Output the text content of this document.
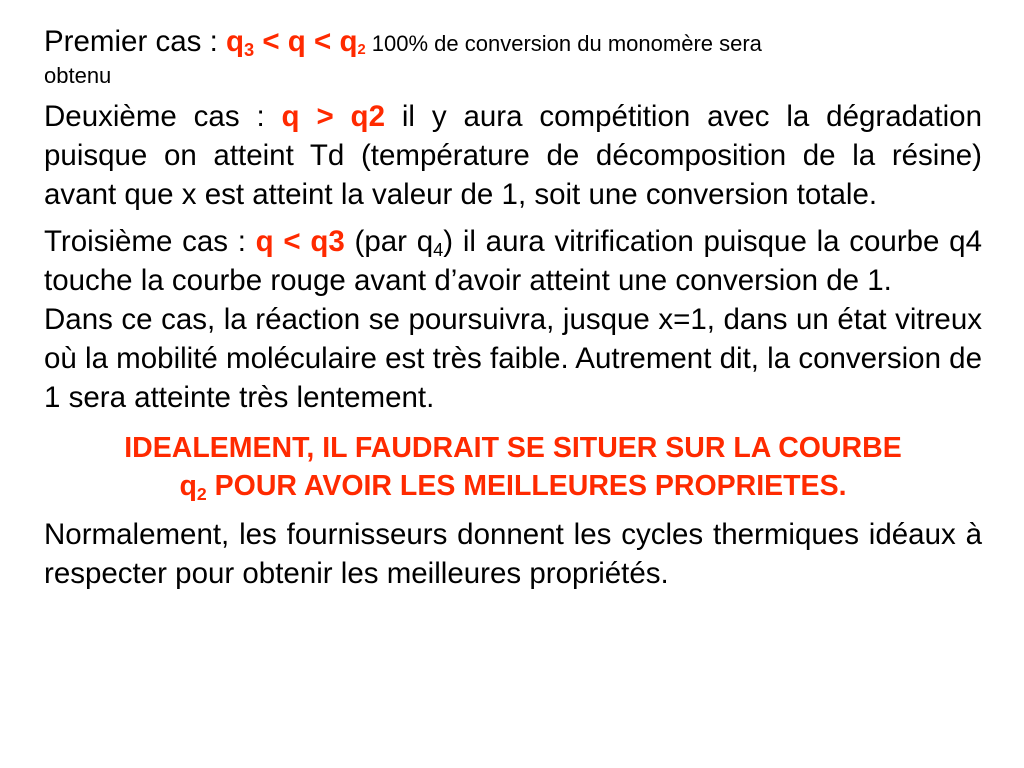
Premier cas : $q_3 < q < q2$ 100% de conversion du monomère sera
obtenu

Deuxième cas : q > q2 il y aura compétition avec la dégradation puisque on atteint Td (température de décomposition de la résine) avant que x est atteint la valeur de 1, soit une conversion totale.

Troisième cas : q < q3 (par $q_4$) il aura vitrification puisque la courbe q4 touche la courbe rouge avant d’avoir atteint une conversion de 1.

Dans ce cas, la réaction se poursuivra, jusque x=1, dans un état vitreux où la mobilité moléculaire est très faible. Autrement dit, la conversion de 1 sera atteinte très lentement.

IDEALEMENT, IL FAUDRAIT SE SITUER SUR LA COURBE
$q_2$ POUR AVOIR LES MEILLEURES PROPRIETES.

Normalement, les fournisseurs donnent les cycles thermiques idéaux à respecter pour obtenir les meilleures propriétés.
